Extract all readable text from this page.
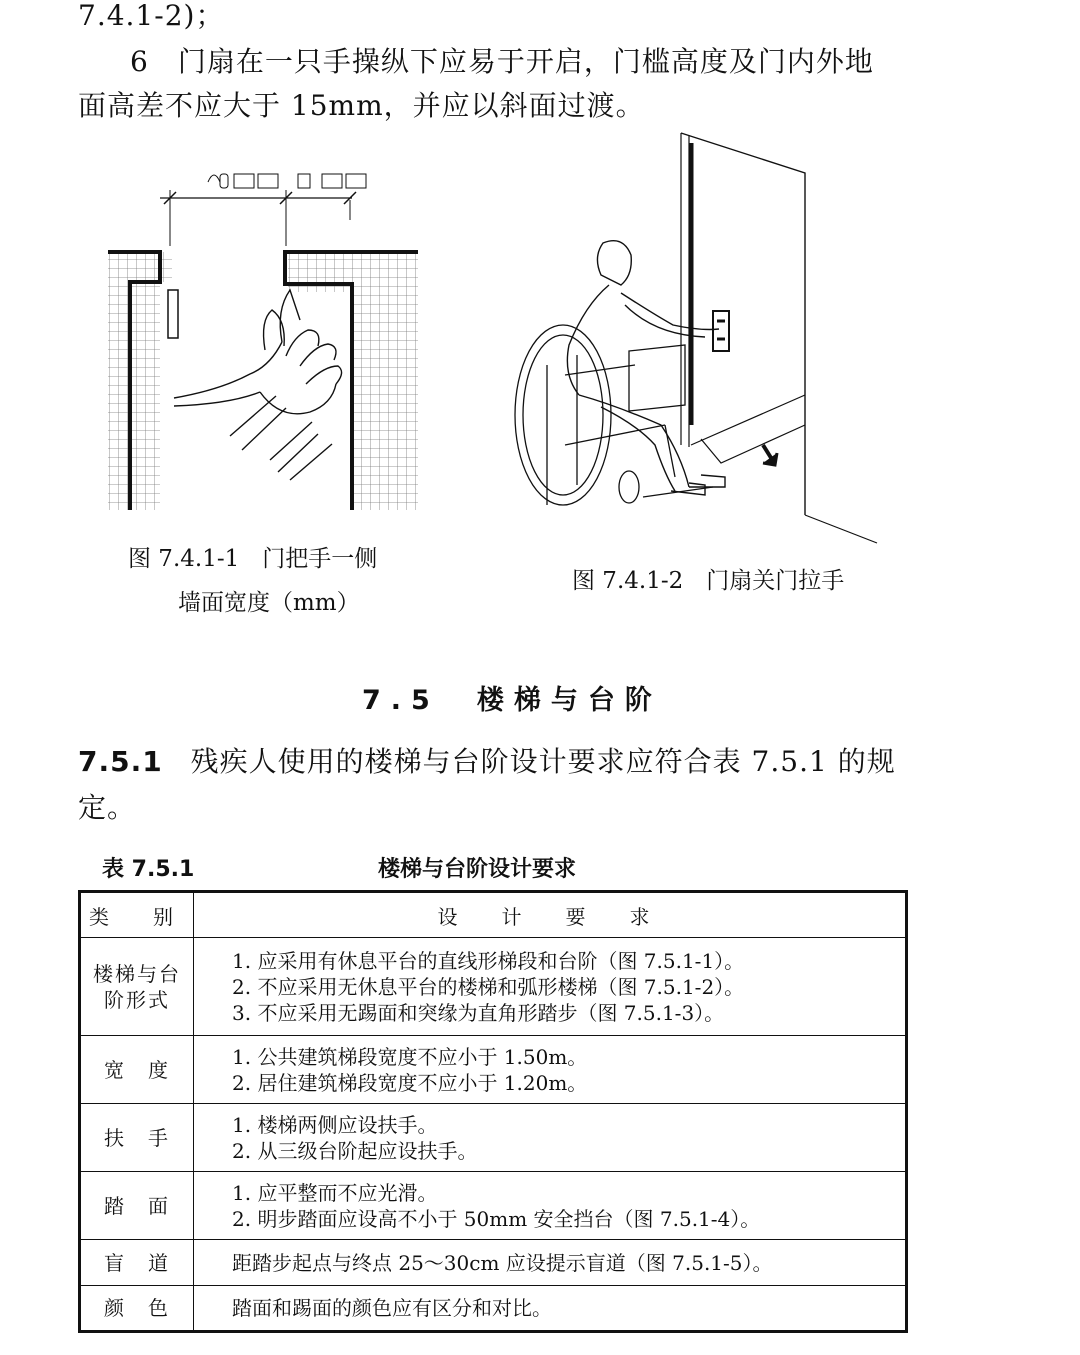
7.4.1-2)；
6　门扇在一只手操纵下应易于开启，门槛高度及门内外地
面高差不应大于 15mm，并应以斜面过渡。
图 7.4.1-1　门把手一侧
墙面宽度（mm）
图 7.4.1-2　门扇关门拉手
7.5　楼梯与台阶
7.5.1 残疾人使用的楼梯与台阶设计要求应符合表 7.5.1 的规
定。
表 7.5.1	楼梯与台阶设计要求
类　别	设　计　要　求
楼梯与台阶形式	1. 应采用有休息平台的直线形梯段和台阶（图 7.5.1-1）。
2. 不应采用无休息平台的楼梯和弧形楼梯（图 7.5.1-2）。
3. 不应采用无踢面和突缘为直角形踏步（图 7.5.1-3）。

宽　度	1. 公共建筑梯段宽度不应小于 1.50m。
2. 居住建筑梯段宽度不应小于 1.20m。

扶　手	1. 楼梯两侧应设扶手。
2. 从三级台阶起应设扶手。

踏　面	1. 应平整而不应光滑。
2. 明步踏面应设高不小于 50mm 安全挡台（图 7.5.1-4）。

盲　道	距踏步起点与终点 25～30cm 应设提示盲道（图 7.5.1-5）。

颜　色	踏面和踢面的颜色应有区分和对比。
